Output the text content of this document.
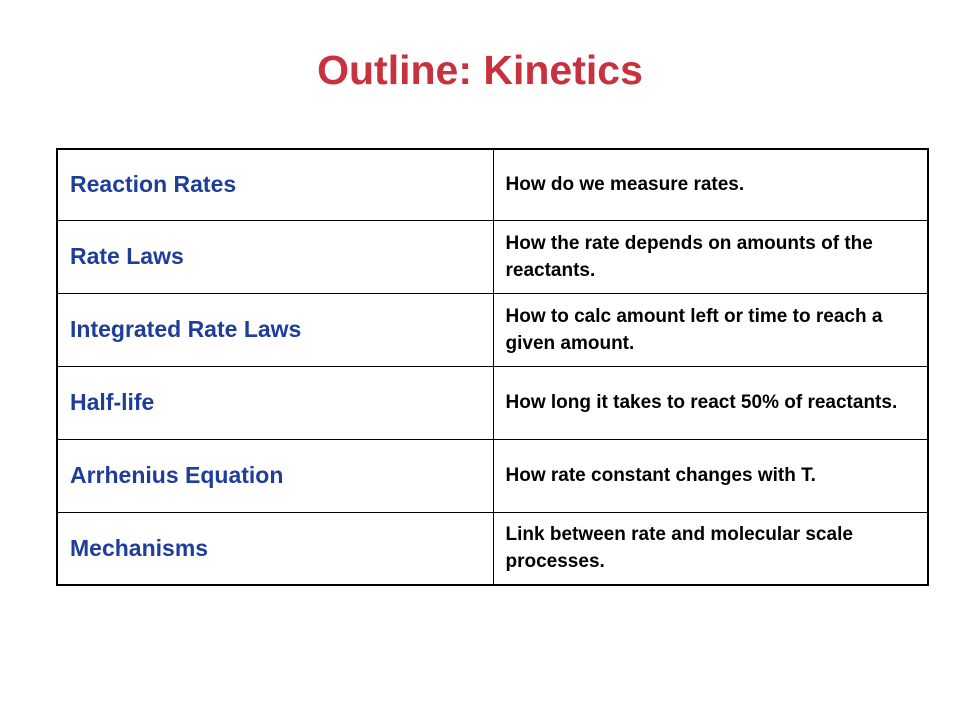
Outline: Kinetics
Reaction Rates	How do we measure rates.
Rate Laws	How the rate depends on amounts of the reactants.
Integrated Rate Laws	How to calc amount left or time to reach a given amount.
Half-life	How long it takes to react 50% of reactants.
Arrhenius Equation	How rate constant changes with T.
Mechanisms	Link between rate and molecular scale processes.
